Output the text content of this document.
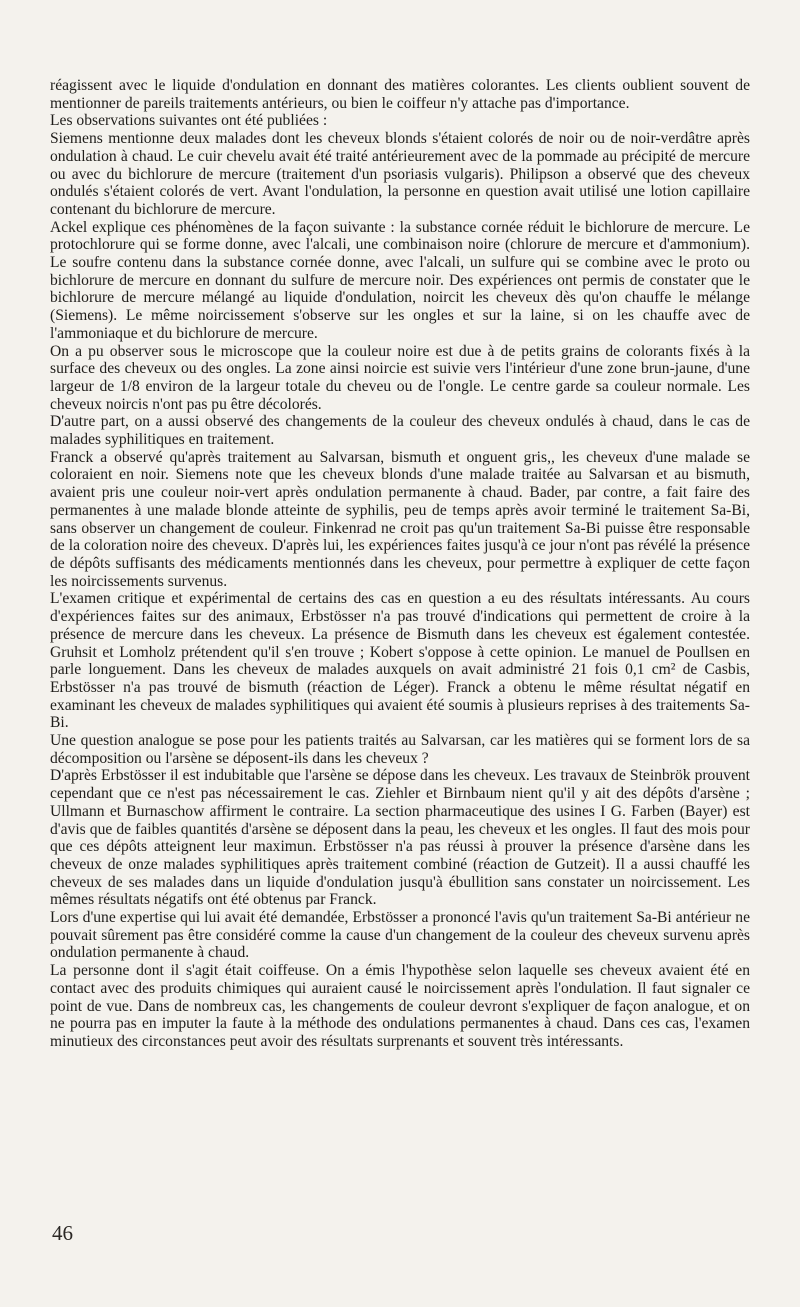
réagissent avec le liquide d'ondulation en donnant des matières colorantes. Les clients oublient souvent de mentionner de pareils traitements antérieurs, ou bien le coiffeur n'y attache pas d'importance.

Les observations suivantes ont été publiées :

Siemens mentionne deux malades dont les cheveux blonds s'étaient colorés de noir ou de noir-verdâtre après ondulation à chaud. Le cuir chevelu avait été traité antérieurement avec de la pommade au précipité de mercure ou avec du bichlorure de mercure (traitement d'un psoriasis vulgaris). Philipson a observé que des cheveux ondulés s'étaient colorés de vert. Avant l'ondulation, la personne en question avait utilisé une lotion capillaire contenant du bichlorure de mercure.

Ackel explique ces phénomènes de la façon suivante : la substance cornée réduit le bichlorure de mercure. Le protochlorure qui se forme donne, avec l'alcali, une combinaison noire (chlorure de mercure et d'ammonium). Le soufre contenu dans la substance cornée donne, avec l'alcali, un sulfure qui se combine avec le proto ou bichlorure de mercure en donnant du sulfure de mercure noir. Des expériences ont permis de constater que le bichlorure de mercure mélangé au liquide d'ondulation, noircit les cheveux dès qu'on chauffe le mélange (Siemens). Le même noircissement s'observe sur les ongles et sur la laine, si on les chauffe avec de l'ammoniaque et du bichlorure de mercure.

On a pu observer sous le microscope que la couleur noire est due à de petits grains de colorants fixés à la surface des cheveux ou des ongles. La zone ainsi noircie est suivie vers l'intérieur d'une zone brun-jaune, d'une largeur de 1/8 environ de la largeur totale du cheveu ou de l'ongle. Le centre garde sa couleur normale. Les cheveux noircis n'ont pas pu être décolorés.

D'autre part, on a aussi observé des changements de la couleur des cheveux ondulés à chaud, dans le cas de malades syphilitiques en traitement.

Franck a observé qu'après traitement au Salvarsan, bismuth et onguent gris,, les cheveux d'une malade se coloraient en noir. Siemens note que les cheveux blonds d'une malade traitée au Salvarsan et au bismuth, avaient pris une couleur noir-vert après ondulation permanente à chaud. Bader, par contre, a fait faire des permanentes à une malade blonde atteinte de syphilis, peu de temps après avoir terminé le traitement Sa-Bi, sans observer un changement de couleur. Finkenrad ne croit pas qu'un traitement Sa-Bi puisse être responsable de la coloration noire des cheveux. D'après lui, les expériences faites jusqu'à ce jour n'ont pas révélé la présence de dépôts suffisants des médicaments mentionnés dans les cheveux, pour permettre à expliquer de cette façon les noircissements survenus.

L'examen critique et expérimental de certains des cas en question a eu des résultats intéressants. Au cours d'expériences faites sur des animaux, Erbstösser n'a pas trouvé d'indications qui permettent de croire à la présence de mercure dans les cheveux. La présence de Bismuth dans les cheveux est également contestée. Gruhsit et Lomholz prétendent qu'il s'en trouve ; Kobert s'oppose à cette opinion. Le manuel de Poullsen en parle longuement. Dans les cheveux de malades auxquels on avait administré 21 fois 0,1 cm² de Casbis, Erbstösser n'a pas trouvé de bismuth (réaction de Léger). Franck a obtenu le même résultat négatif en examinant les cheveux de malades syphilitiques qui avaient été soumis à plusieurs reprises à des traitements Sa-Bi.

Une question analogue se pose pour les patients traités au Salvarsan, car les matières qui se forment lors de sa décomposition ou l'arsène se déposent-ils dans les cheveux ?

D'après Erbstösser il est indubitable que l'arsène se dépose dans les cheveux. Les travaux de Steinbrök prouvent cependant que ce n'est pas nécessairement le cas. Ziehler et Birnbaum nient qu'il y ait des dépôts d'arsène ; Ullmann et Burnaschow affirment le contraire. La section pharmaceutique des usines I G. Farben (Bayer) est d'avis que de faibles quantités d'arsène se déposent dans la peau, les cheveux et les ongles. Il faut des mois pour que ces dépôts atteignent leur maximun. Erbstösser n'a pas réussi à prouver la présence d'arsène dans les cheveux de onze malades syphilitiques après traitement combiné (réaction de Gutzeit). Il a aussi chauffé les cheveux de ses malades dans un liquide d'ondulation jusqu'à ébullition sans constater un noircissement. Les mêmes résultats négatifs ont été obtenus par Franck.

Lors d'une expertise qui lui avait été demandée, Erbstösser a prononcé l'avis qu'un traitement Sa-Bi antérieur ne pouvait sûrement pas être considéré comme la cause d'un changement de la couleur des cheveux survenu après ondulation permanente à chaud.

La personne dont il s'agit était coiffeuse. On a émis l'hypothèse selon laquelle ses cheveux avaient été en contact avec des produits chimiques qui auraient causé le noircissement après l'ondulation. Il faut signaler ce point de vue. Dans de nombreux cas, les changements de couleur devront s'expliquer de façon analogue, et on ne pourra pas en imputer la faute à la méthode des ondulations permanentes à chaud. Dans ces cas, l'examen minutieux des circonstances peut avoir des résultats surprenants et souvent très intéressants.

46
